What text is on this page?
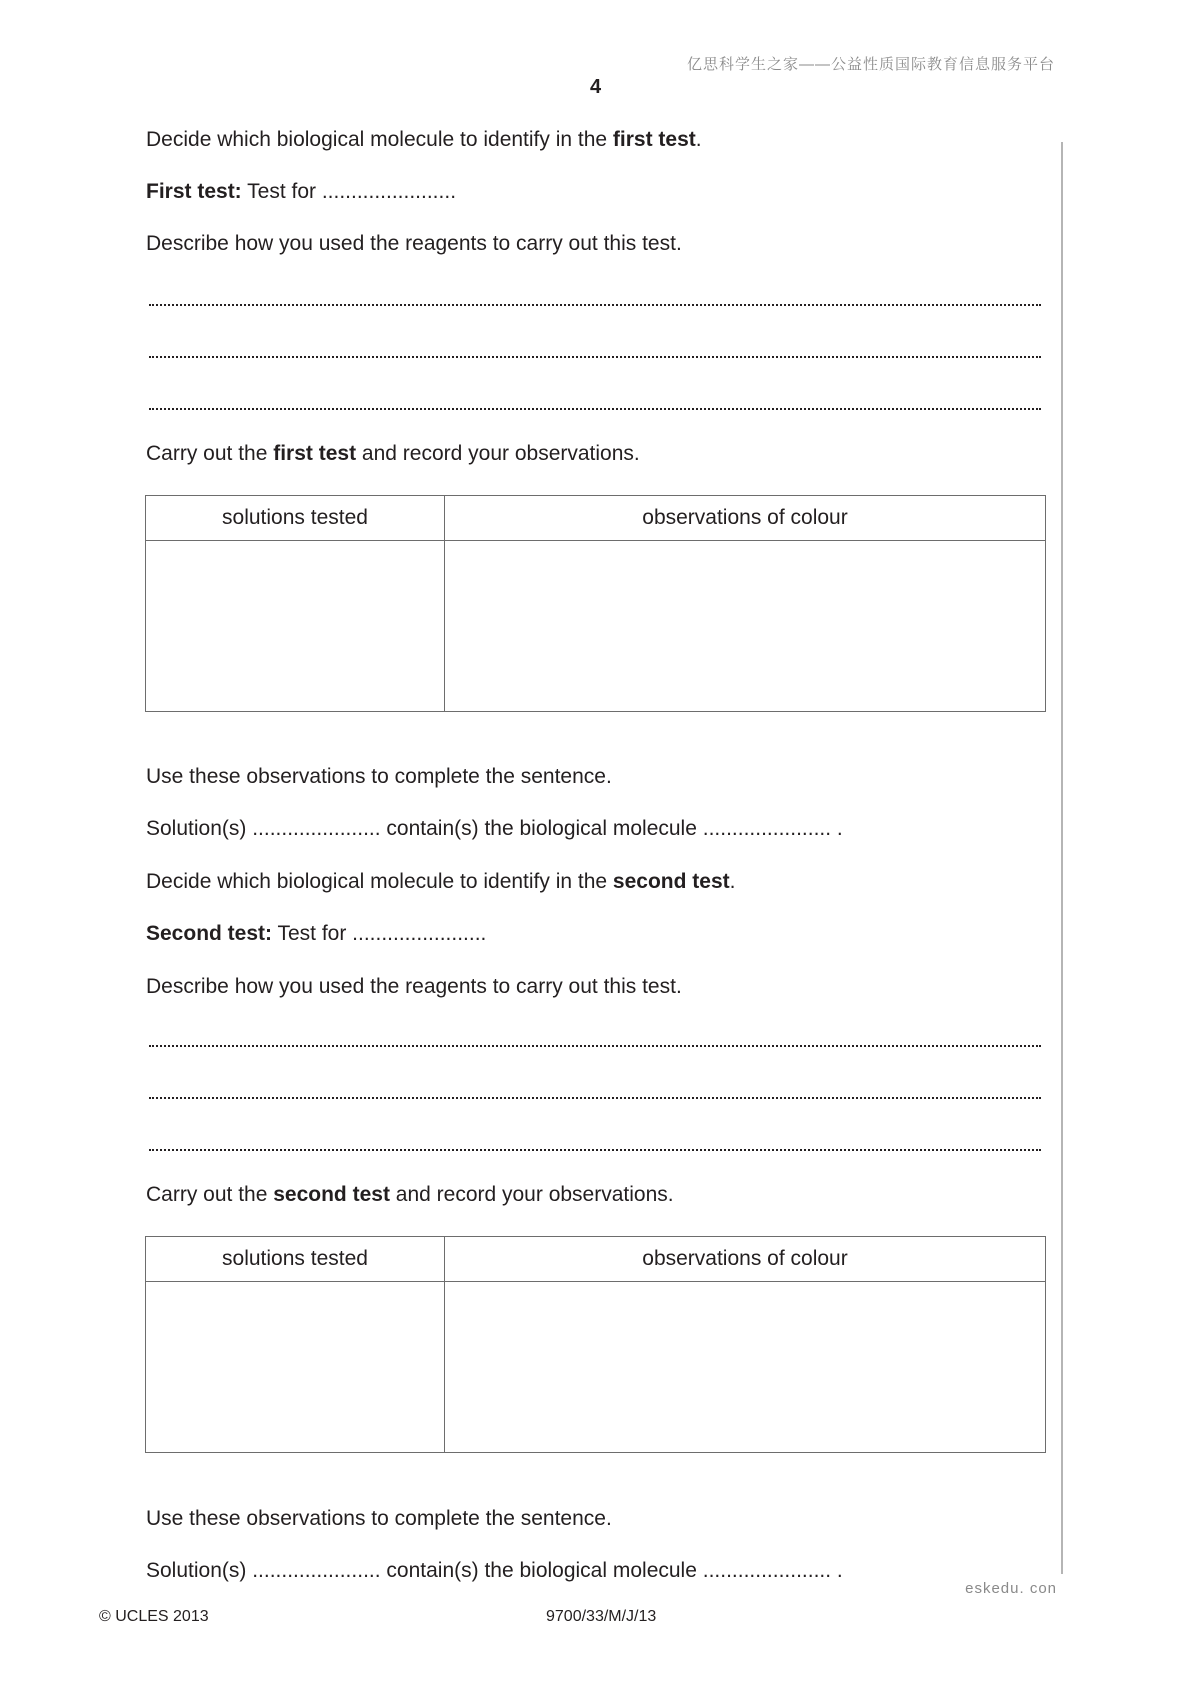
亿思科学生之家——公益性质国际教育信息服务平台
4
Decide which biological molecule to identify in the first test.
First test: Test for .......................
Describe how you used the reagents to carry out this test.
Carry out the first test and record your observations.
solutions tested	observations of colour

Use these observations to complete the sentence.
Solution(s) ...................... contain(s) the biological molecule ...................... .
Decide which biological molecule to identify in the second test.
Second test: Test for .......................
Describe how you used the reagents to carry out this test.
Carry out the second test and record your observations.
solutions tested	observations of colour

Use these observations to complete the sentence.
Solution(s) ...................... contain(s) the biological molecule ...................... .
eskedu. con
© UCLES 2013	9700/33/M/J/13
